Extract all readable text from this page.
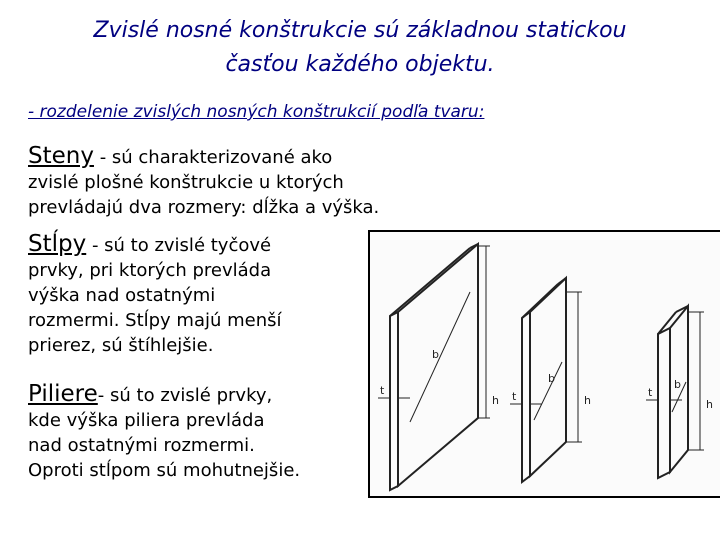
Zvislé nosné konštrukcie sú základnou statickou
časťou každého objektu.
- rozdelenie zvislých nosných konštrukcií podľa tvaru:
Steny - sú charakterizované ako
zvislé plošné konštrukcie u ktorých
prevládajú dva rozmery: dĺžka a výška.
Stĺpy - sú to zvislé tyčové
prvky, pri ktorých prevláda
výška nad ostatnými
rozmermi. Stĺpy majú menší
prierez, sú štíhlejšie.
Piliere- sú to zvislé prvky,
kde výška piliera prevláda
nad ostatnými rozmermi.
Oproti stĺpom sú mohutnejšie.
t
b
h t
b
h
t
b
h
